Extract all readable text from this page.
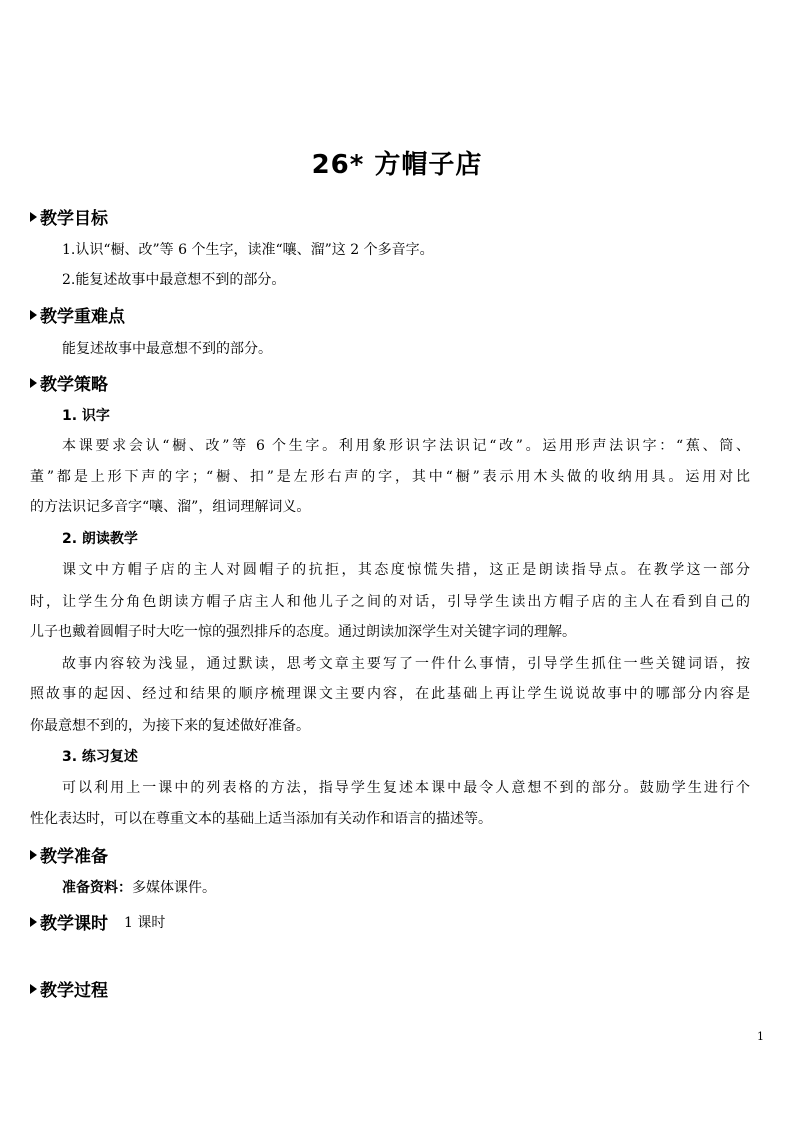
26* 方帽子店
教学目标
1.认识“橱、改”等 6 个生字，读准“嚷、溜”这 2 个多音字。
2.能复述故事中最意想不到的部分。
教学重难点
能复述故事中最意想不到的部分。
教学策略
1. 识字
本课要求会认“橱、改”等 6 个生字。利用象形识字法识记“改”。运用形声法识字：“蕉、筒、
董”都是上形下声的字；“橱、扣”是左形右声的字，其中“橱”表示用木头做的收纳用具。运用对比
的方法识记多音字“嚷、溜”，组词理解词义。
2. 朗读教学
课文中方帽子店的主人对圆帽子的抗拒，其态度惊慌失措，这正是朗读指导点。在教学这一部分
时，让学生分角色朗读方帽子店主人和他儿子之间的对话，引导学生读出方帽子店的主人在看到自己的
儿子也戴着圆帽子时大吃一惊的强烈排斥的态度。通过朗读加深学生对关键字词的理解。
故事内容较为浅显，通过默读，思考文章主要写了一件什么事情，引导学生抓住一些关键词语，按
照故事的起因、经过和结果的顺序梳理课文主要内容，在此基础上再让学生说说故事中的哪部分内容是
你最意想不到的，为接下来的复述做好准备。
3. 练习复述
可以利用上一课中的列表格的方法，指导学生复述本课中最令人意想不到的部分。鼓励学生进行个
性化表达时，可以在尊重文本的基础上适当添加有关动作和语言的描述等。
教学准备
准备资料：多媒体课件。
教学课时 1 课时
教学过程
1
